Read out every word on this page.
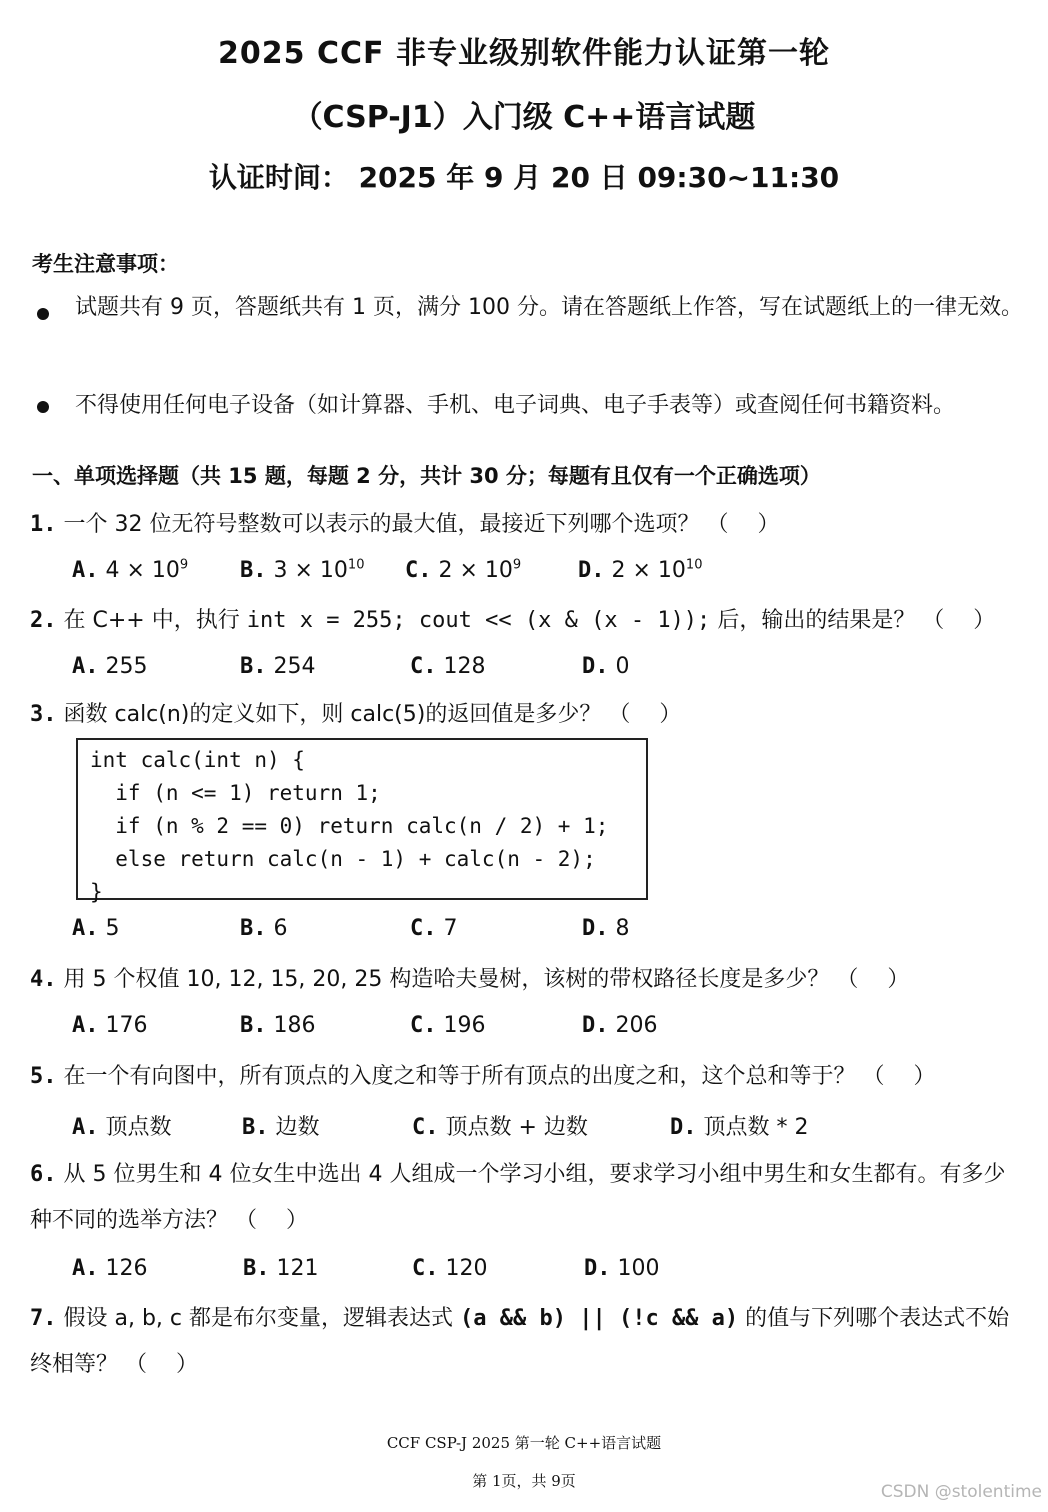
2025 CCF 非专业级别软件能力认证第一轮
（CSP-J1）入门级 C++语言试题
认证时间： 2025 年 9 月 20 日 09:30~11:30
考生注意事项：
试题共有 9 页，答题纸共有 1 页，满分 100 分。请在答题纸上作答，写在试题纸上的一律无效。
不得使用任何电子设备（如计算器、手机、电子词典、电子手表等）或查阅任何书籍资料。
一、单项选择题（共 15 题，每题 2 分，共计 30 分；每题有且仅有一个正确选项）
1. 一个 32 位无符号整数可以表示的最大值，最接近下列哪个选项？ （　 ）
A. $4 \times 10^9$ B. $3 \times 10^{10}$ C. $2 \times 10^9$	D. $2 \times 10^{10}$
2. 在 C++ 中，执行 int x = 255; cout << (x & (x - 1)); 后，输出的结果是？ （　 ）
A. 255	B. 254	C. 128	D. 0
3. 函数 calc(n)的定义如下，则 calc(5)的返回值是多少？ （　 ）
int calc(int n) {
if (n <= 1) return 1;
if (n % 2 == 0) return calc(n / 2) + 1;
else return calc(n - 1) + calc(n - 2);
}
A. 5	B. 6	C. 7	D. 8
4. 用 5 个权值 10, 12, 15, 20, 25 构造哈夫曼树，该树的带权路径长度是多少？ （　 ）
A. 176	B. 186	C. 196	D. 206
5. 在一个有向图中，所有顶点的入度之和等于所有顶点的出度之和，这个总和等于？ （　 ）
A. 顶点数	B. 边数	C. 顶点数 + 边数	D. 顶点数 * 2
6. 从 5 位男生和 4 位女生中选出 4 人组成一个学习小组，要求学习小组中男生和女生都有。有多少种不同的选举方法？ （　 ）
A. 126	B. 121	C. 120	D. 100
7. 假设 a, b, c 都是布尔变量，逻辑表达式 (a && b) || (!c && a) 的值与下列哪个表达式不始终相等？ （　 ）
CCF CSP-J 2025 第一轮 C++语言试题
第 1页，共 9页
CSDN @stolentime
